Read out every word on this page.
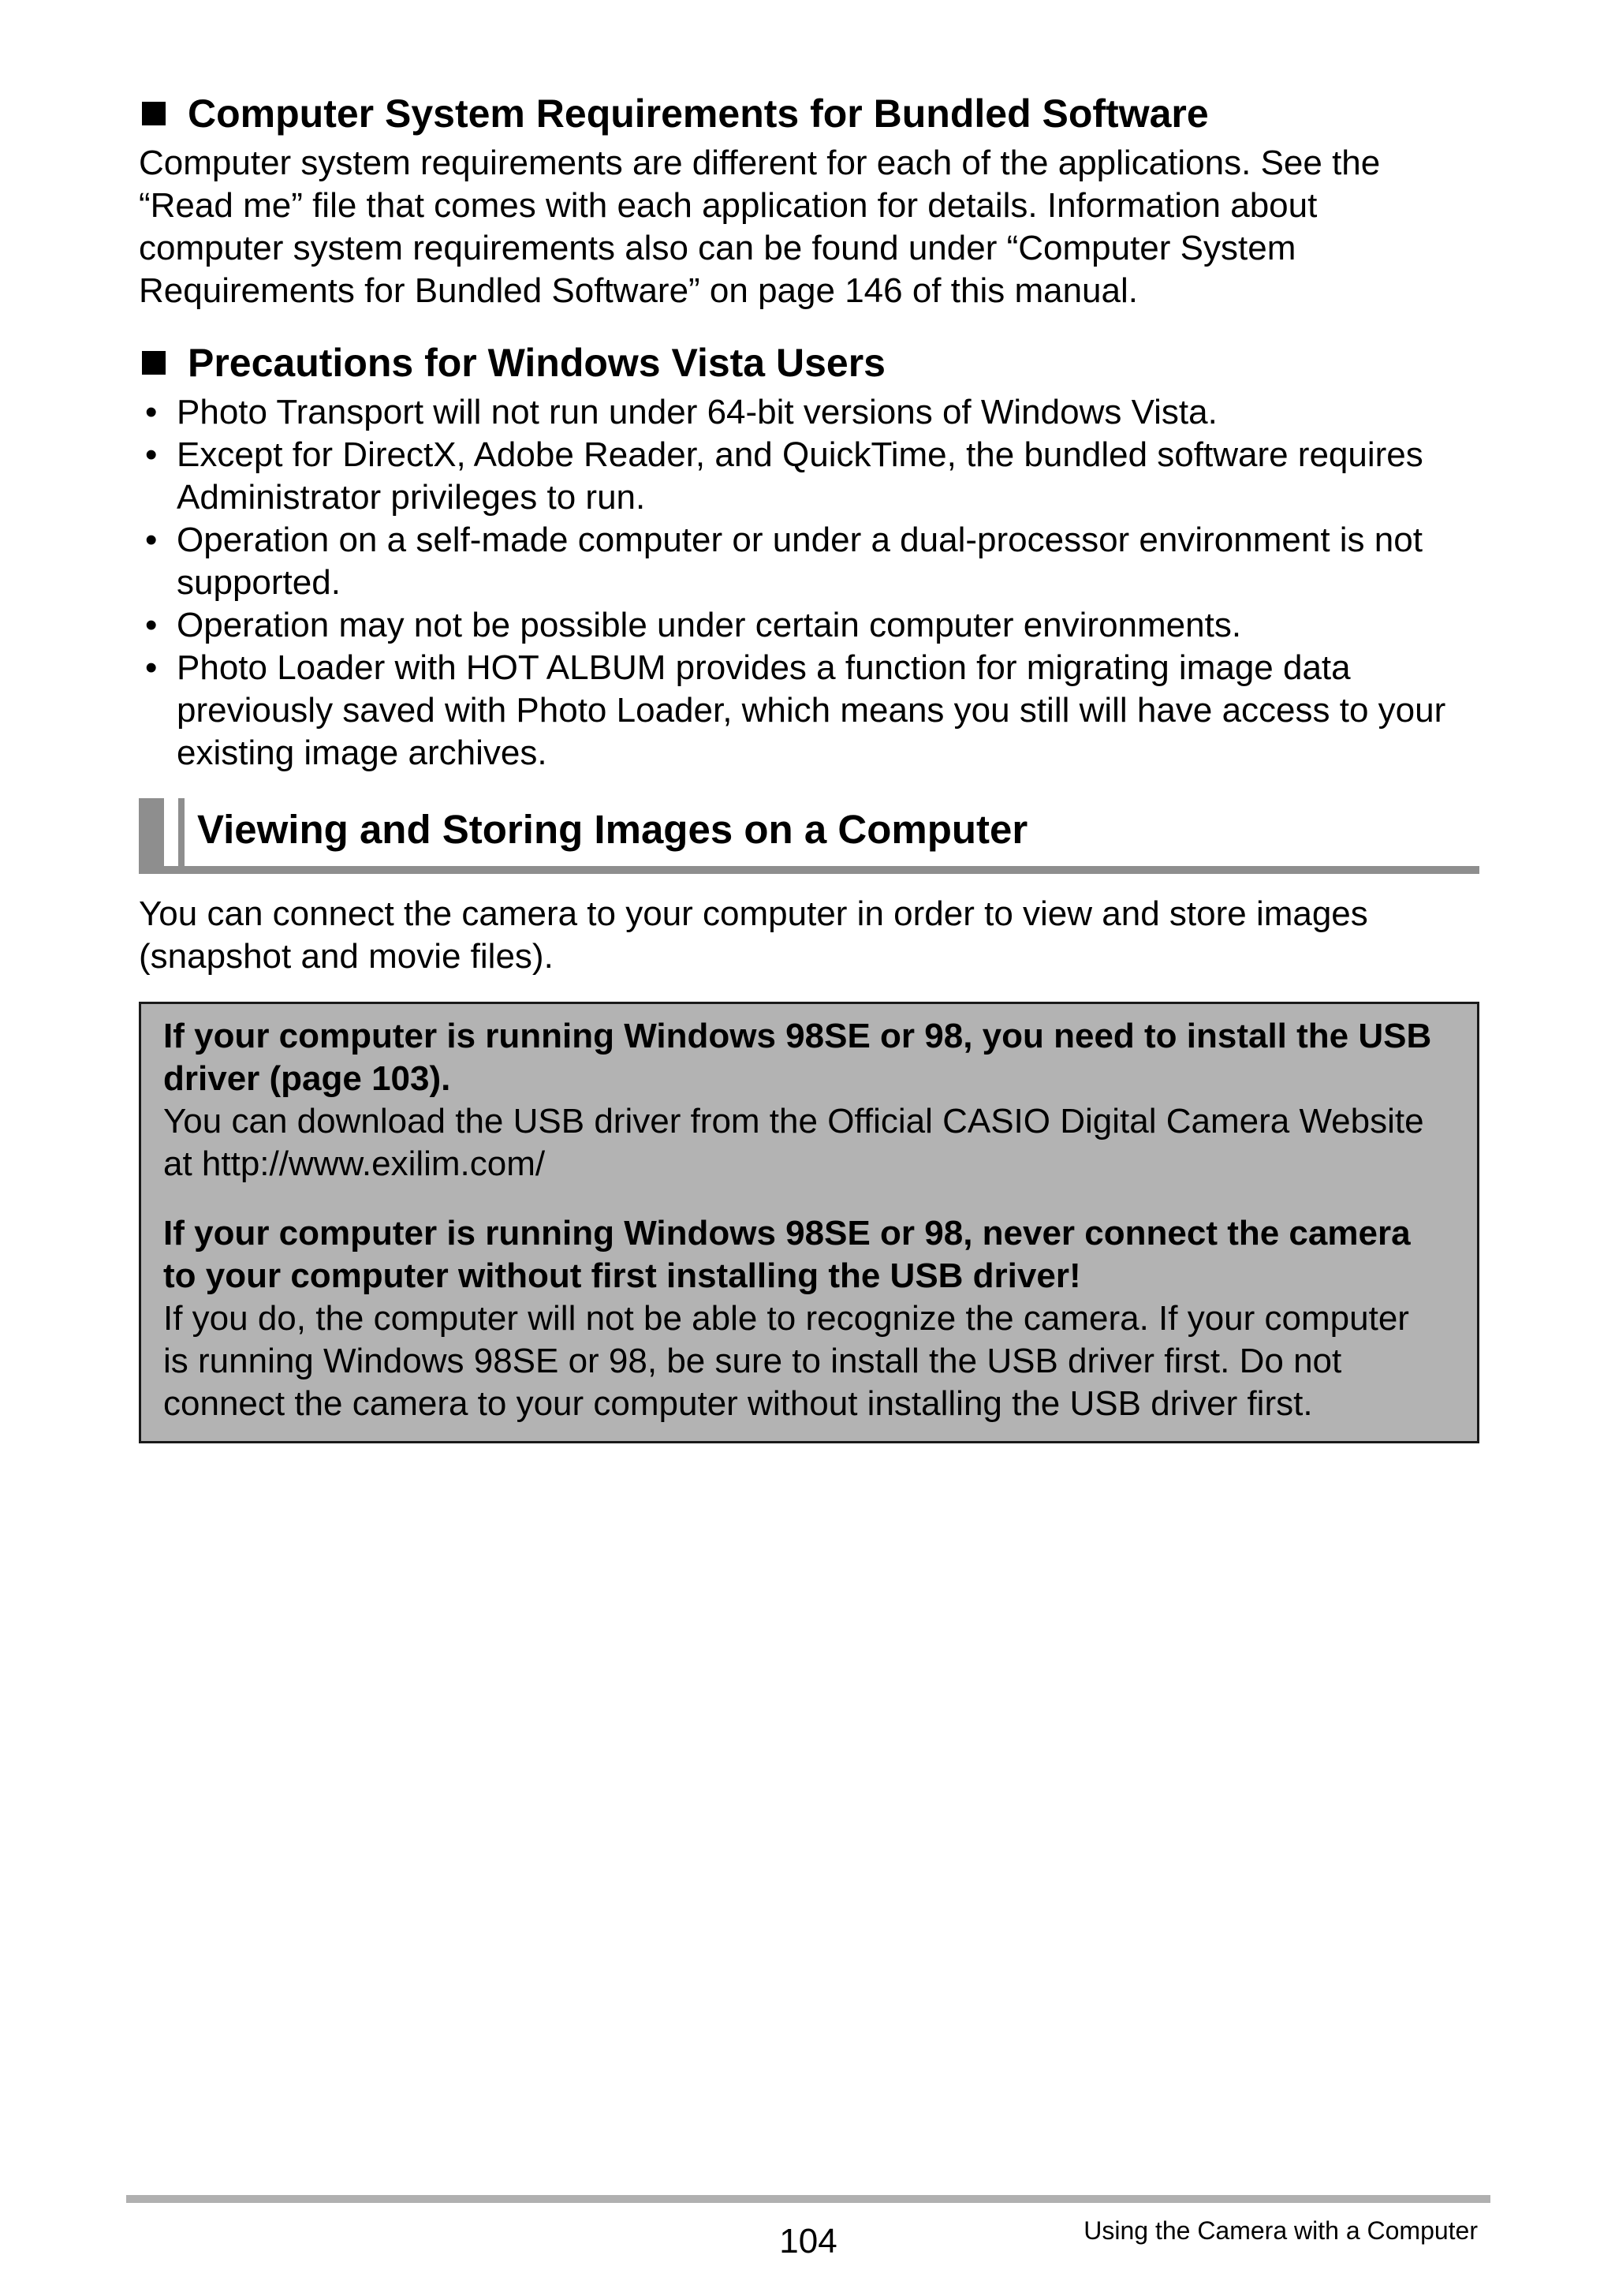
Computer System Requirements for Bundled Software
Computer system requirements are different for each of the applications. See the
“Read me” file that comes with each application for details. Information about
computer system requirements also can be found under “Computer System
Requirements for Bundled Software” on page 146 of this manual.
Precautions for Windows Vista Users
• Photo Transport will not run under 64-bit versions of Windows Vista.
• Except for DirectX, Adobe Reader, and QuickTime, the bundled software requires
Administrator privileges to run.
• Operation on a self-made computer or under a dual-processor environment is not
supported.
• Operation may not be possible under certain computer environments.
• Photo Loader with HOT ALBUM provides a function for migrating image data
previously saved with Photo Loader, which means you still will have access to your
existing image archives.
Viewing and Storing Images on a Computer
You can connect the camera to your computer in order to view and store images
(snapshot and movie files).
If your computer is running Windows 98SE or 98, you need to install the USB
driver (page 103).
You can download the USB driver from the Official CASIO Digital Camera Website
at http://www.exilim.com/
If your computer is running Windows 98SE or 98, never connect the camera
to your computer without first installing the USB driver!
If you do, the computer will not be able to recognize the camera. If your computer
is running Windows 98SE or 98, be sure to install the USB driver first. Do not
connect the camera to your computer without installing the USB driver first.
104	Using the Camera with a Computer
